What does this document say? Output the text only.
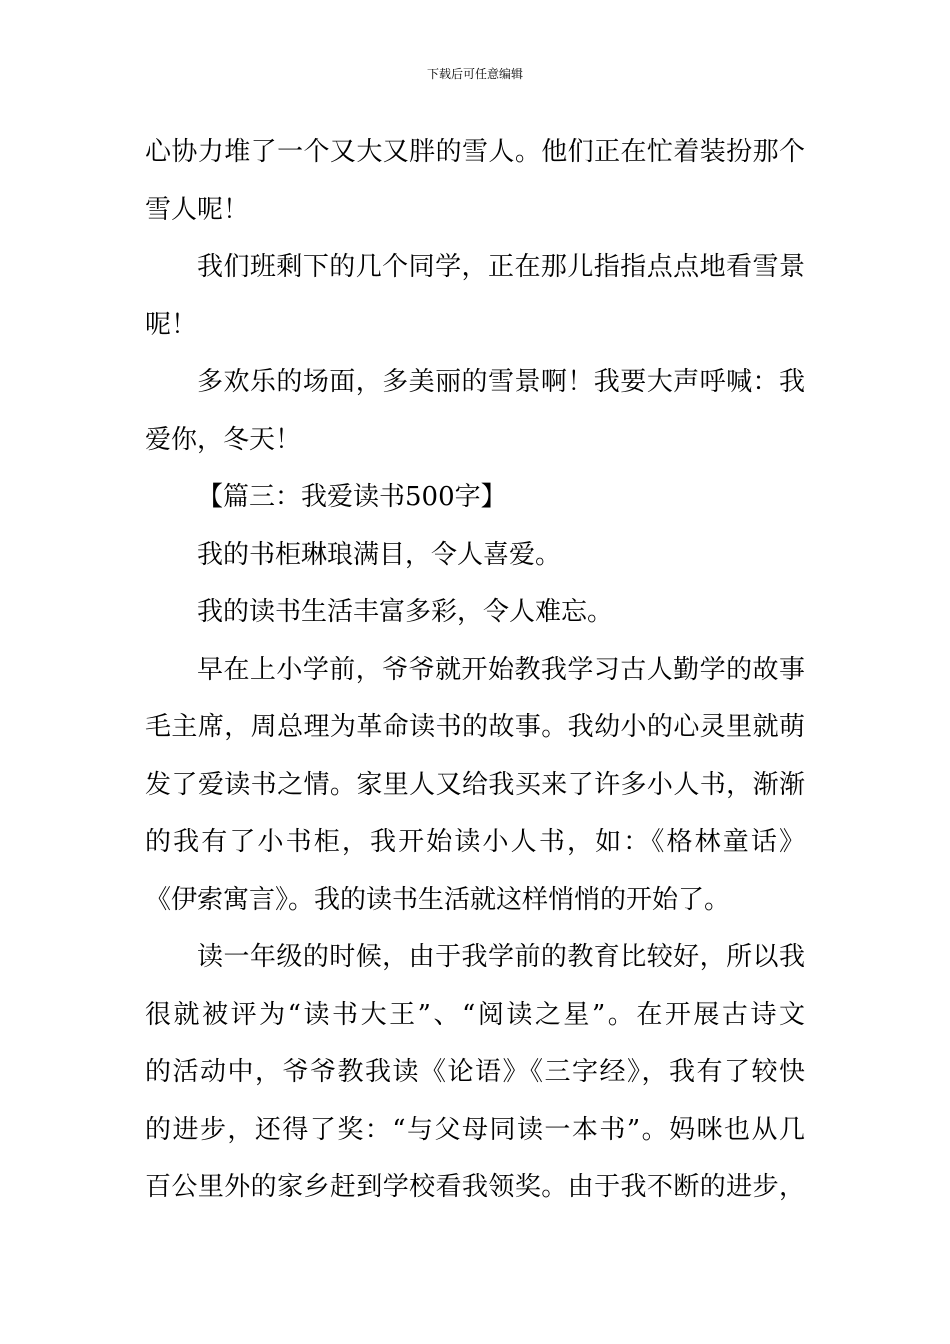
下载后可任意编辑
心协力堆了一个又大又胖的雪人。他们正在忙着装扮那个
雪人呢！
我们班剩下的几个同学，正在那儿指指点点地看雪景
呢！
多欢乐的场面，多美丽的雪景啊！我要大声呼喊：我
爱你，冬天！
【篇三：我爱读书500字】
我的书柜琳琅满目，令人喜爱。
我的读书生活丰富多彩，令人难忘。
早在上小学前，爷爷就开始教我学习古人勤学的故事
毛主席，周总理为革命读书的故事。我幼小的心灵里就萌
发了爱读书之情。家里人又给我买来了许多小人书，渐渐
的我有了小书柜，我开始读小人书，如：《格林童话》
《伊索寓言》。我的读书生活就这样悄悄的开始了。
读一年级的时候，由于我学前的教育比较好，所以我
很就被评为“读书大王”、“阅读之星”。在开展古诗文
的活动中，爷爷教我读《论语》《三字经》，我有了较快
的进步，还得了奖：“与父母同读一本书”。妈咪也从几
百公里外的家乡赶到学校看我领奖。由于我不断的进步，
